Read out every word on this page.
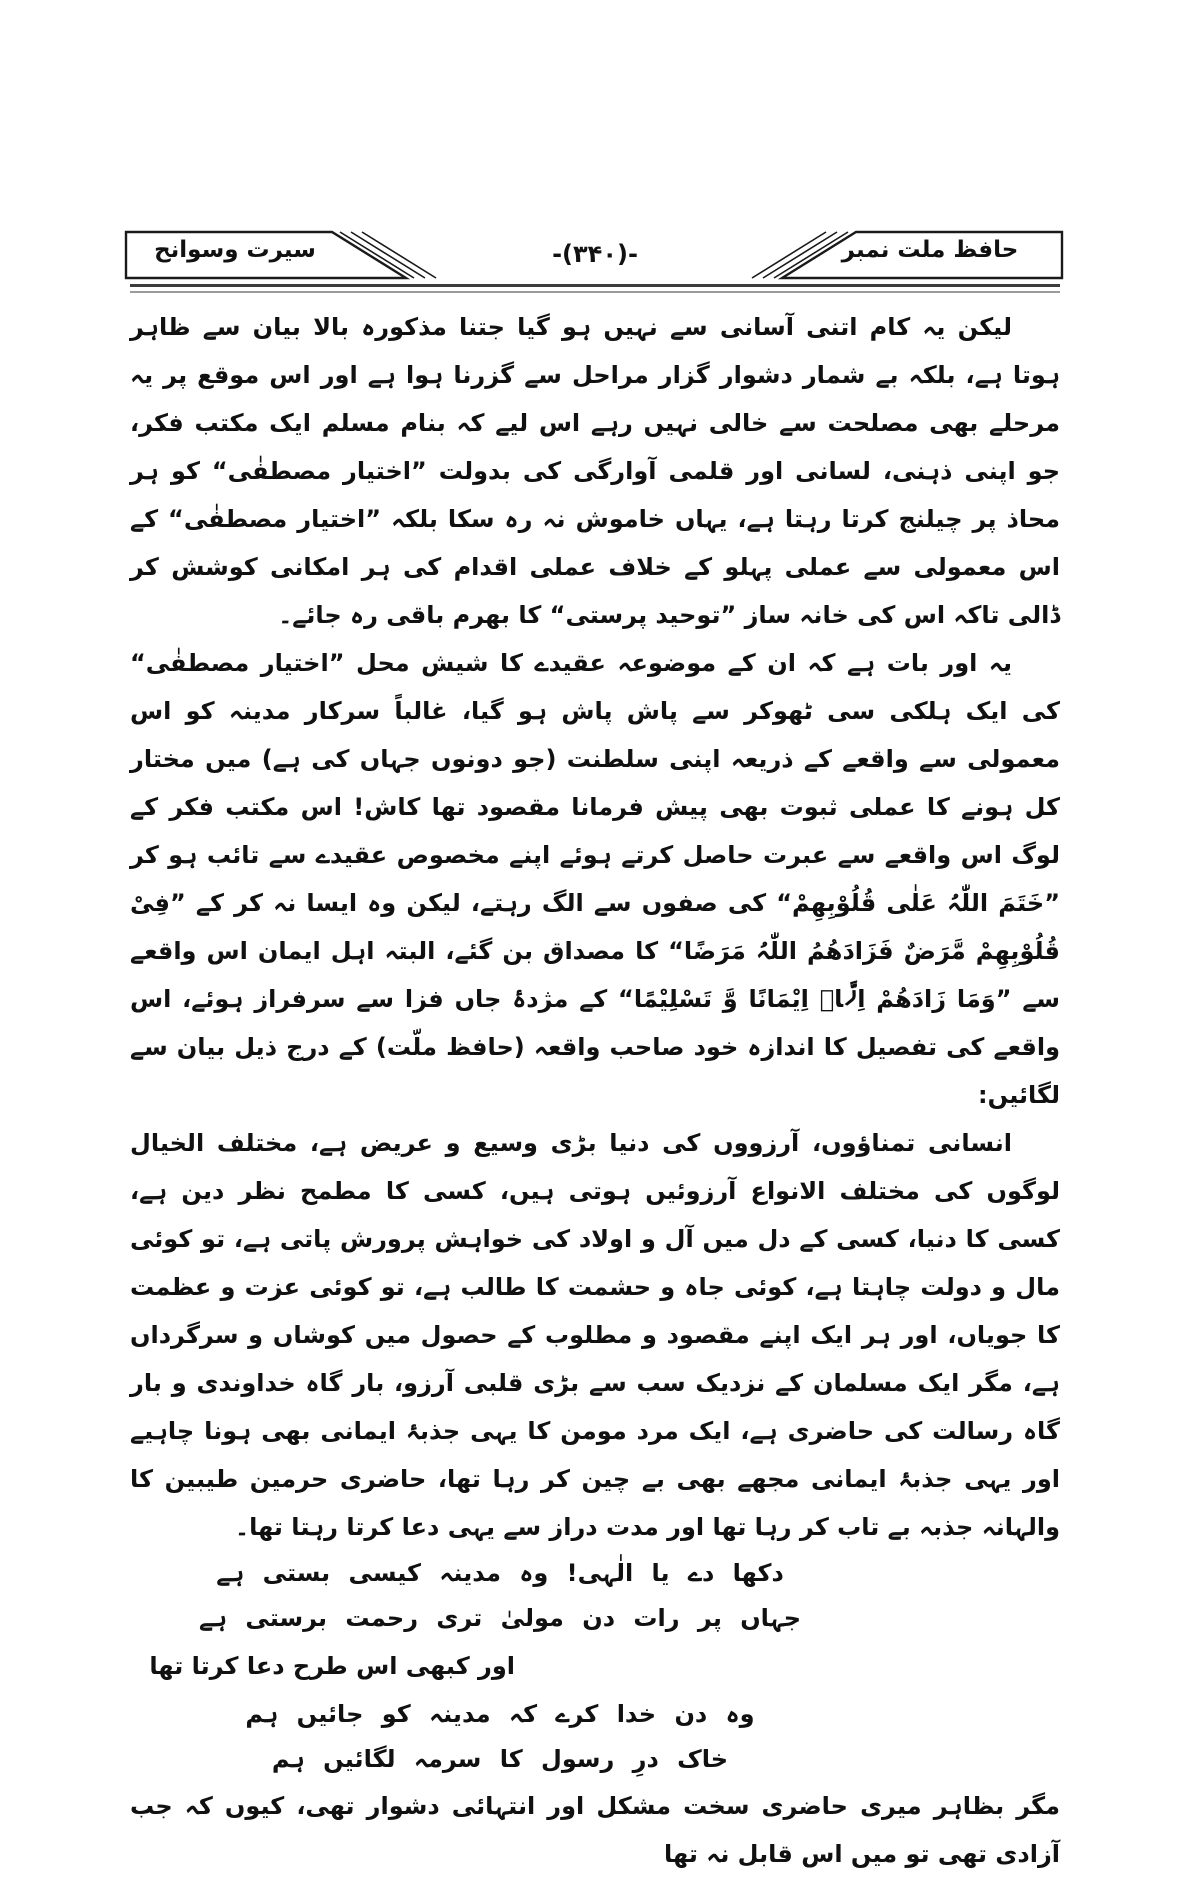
سیرت وسوانح	-(۳۴۰)-	حافظ ملت نمبر

لیکن یہ کام اتنی آسانی سے نہیں ہو گیا جتنا مذکورہ بالا بیان سے ظاہر ہوتا ہے، بلکہ بے شمار دشوار گزار مراحل سے گزرنا ہوا ہے اور اس موقع پر یہ مرحلے بھی مصلحت سے خالی نہیں رہے اس لیے کہ بنام مسلم ایک مکتب فکر، جو اپنی ذہنی، لسانی اور قلمی آوارگی کی بدولت ”اختیار مصطفٰی“ کو ہر محاذ پر چیلنج کرتا رہتا ہے، یہاں خاموش نہ رہ سکا بلکہ ”اختیار مصطفٰی“ کے اس معمولی سے عملی پہلو کے خلاف عملی اقدام کی ہر امکانی کوشش کر ڈالی تاکہ اس کی خانہ ساز ”توحید پرستی“ کا بھرم باقی رہ جائے۔

یہ اور بات ہے کہ ان کے موضوعہ عقیدے کا شیش محل ”اختیار مصطفٰی“ کی ایک ہلکی سی ٹھوکر سے پاش پاش ہو گیا، غالباً سرکار مدینہ کو اس معمولی سے واقعے کے ذریعہ اپنی سلطنت (جو دونوں جہاں کی ہے) میں مختار کل ہونے کا عملی ثبوت بھی پیش فرمانا مقصود تھا کاش! اس مکتب فکر کے لوگ اس واقعے سے عبرت حاصل کرتے ہوئے اپنے مخصوص عقیدے سے تائب ہو کر ”خَتَمَ اللّٰہُ عَلٰی قُلُوْبِھِمْ“ کی صفوں سے الگ رہتے، لیکن وہ ایسا نہ کر کے ”فِیْ قُلُوْبِھِمْ مَّرَضٌ فَزَادَھُمُ اللّٰہُ مَرَضًا“ کا مصداق بن گئے، البتہ اہل ایمان اس واقعے سے ”وَمَا زَادَھُمْ اِلَّاۤ اِیْمَانًا وَّ تَسْلِیْمًا“ کے مژدۂ جاں فزا سے سرفراز ہوئے، اس واقعے کی تفصیل کا اندازہ خود صاحب واقعہ (حافظ ملّت) کے درج ذیل بیان سے لگائیں:

انسانی تمناؤوں، آرزووں کی دنیا بڑی وسیع و عریض ہے، مختلف الخیال لوگوں کی مختلف الانواع آرزوئیں ہوتی ہیں، کسی کا مطمح نظر دین ہے، کسی کا دنیا، کسی کے دل میں آل و اولاد کی خواہش پرورش پاتی ہے، تو کوئی مال و دولت چاہتا ہے، کوئی جاہ و حشمت کا طالب ہے، تو کوئی عزت و عظمت کا جویاں، اور ہر ایک اپنے مقصود و مطلوب کے حصول میں کوشاں و سرگرداں ہے، مگر ایک مسلمان کے نزدیک سب سے بڑی قلبی آرزو، بار گاہ خداوندی و بار گاہ رسالت کی حاضری ہے، ایک مرد مومن کا یہی جذبۂ ایمانی بھی ہونا چاہیے اور یہی جذبۂ ایمانی مجھے بھی بے چین کر رہا تھا، حاضری حرمین طیبین کا والہانہ جذبہ بے تاب کر رہا تھا اور مدت دراز سے یہی دعا کرتا رہتا تھا۔

دکھا دے یا الٰہی! وہ مدینہ کیسی بستی ہے
جہاں پر رات دن مولیٰ تری رحمت برستی ہے
اور کبھی اس طرح دعا کرتا تھا
وہ دن خدا کرے کہ مدینہ کو جائیں ہم
خاک درِ رسول کا سرمہ لگائیں ہم

مگر بظاہر میری حاضری سخت مشکل اور انتہائی دشوار تھی، کیوں کہ جب آزادی تھی تو میں اس قابل نہ تھا
